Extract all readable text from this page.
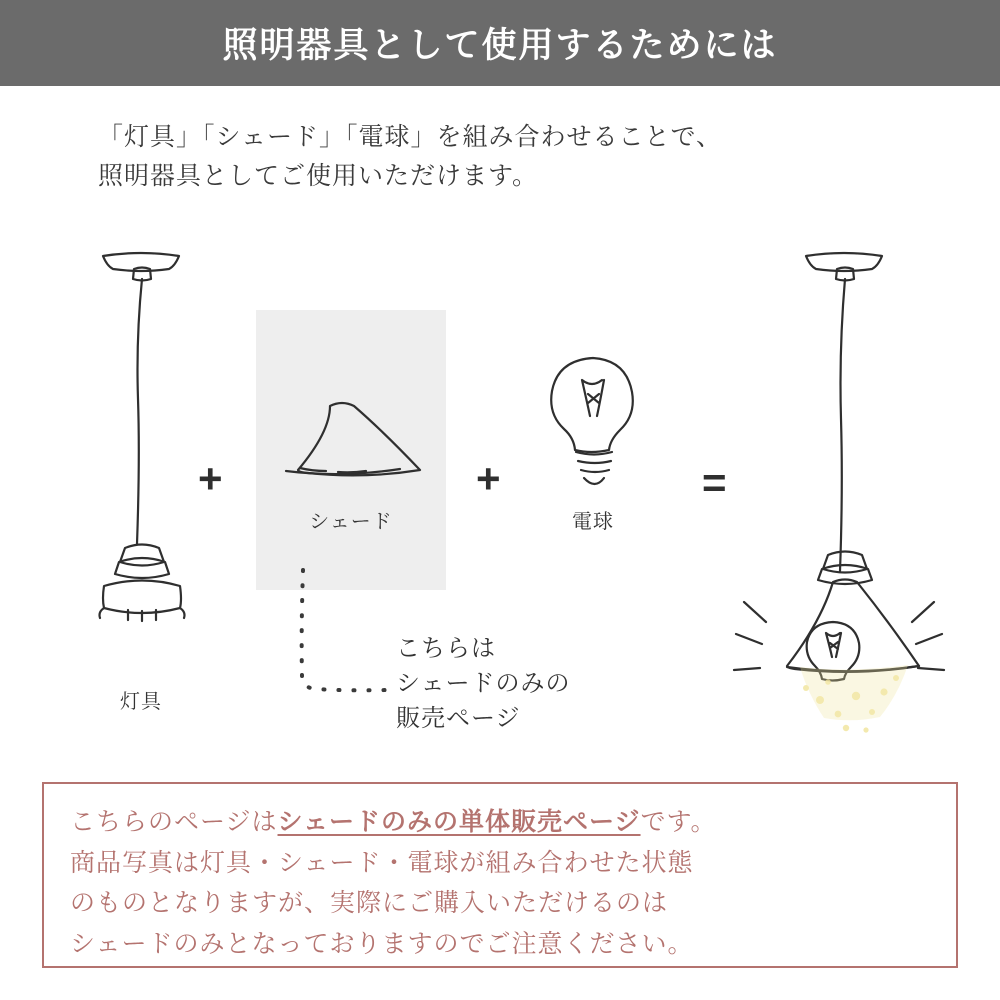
照明器具として使用するためには
「灯具」「シェード」「電球」を組み合わせることで、
照明器具としてご使用いただけます。
+	+	=
灯具
シェード	電球
こちらは
シェードのみの
販売ページ
こちらのページはシェードのみの単体販売ページです。
商品写真は灯具・シェード・電球が組み合わせた状態
のものとなりますが、実際にご購入いただけるのは
シェードのみとなっておりますのでご注意ください。
